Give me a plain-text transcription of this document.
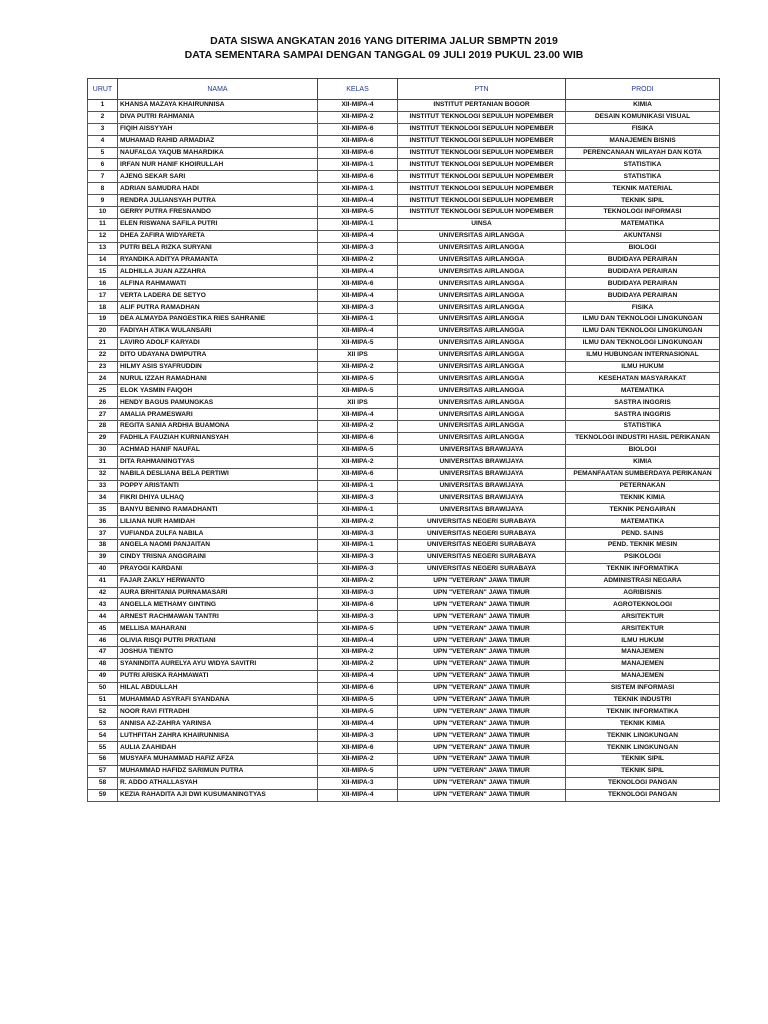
DATA SISWA ANGKATAN 2016 YANG DITERIMA JALUR SBMPTN 2019
DATA SEMENTARA SAMPAI DENGAN TANGGAL 09 JULI 2019 PUKUL 23.00 WIB
URUT	NAMA	KELAS	PTN	PRODI
1	KHANSA MAZAYA KHAIRUNNISA	XII-MIPA-4	INSTITUT PERTANIAN BOGOR	KIMIA
2	DIVA PUTRI RAHMANIA	XII-MIPA-2	INSTITUT TEKNOLOGI SEPULUH NOPEMBER	DESAIN KOMUNIKASI VISUAL
3	FIQIH AISSYYAH	XII-MIPA-6	INSTITUT TEKNOLOGI SEPULUH NOPEMBER	FISIKA
4	MUHAMAD RAHID ARMADIAZ	XII-MIPA-6	INSTITUT TEKNOLOGI SEPULUH NOPEMBER	MANAJEMEN BISNIS
5	NAUFALGA YAQUB MAHARDIKA	XII-MIPA-6	INSTITUT TEKNOLOGI SEPULUH NOPEMBER	PERENCANAAN WILAYAH DAN KOTA
6	IRFAN NUR HANIF KHOIRULLAH	XII-MIPA-1	INSTITUT TEKNOLOGI SEPULUH NOPEMBER	STATISTIKA
7	AJENG SEKAR SARI	XII-MIPA-6	INSTITUT TEKNOLOGI SEPULUH NOPEMBER	STATISTIKA
8	ADRIAN SAMUDRA HADI	XII-MIPA-1	INSTITUT TEKNOLOGI SEPULUH NOPEMBER	TEKNIK MATERIAL
9	RENDRA JULIANSYAH PUTRA	XII-MIPA-4	INSTITUT TEKNOLOGI SEPULUH NOPEMBER	TEKNIK SIPIL
10	GERRY PUTRA FRESNANDO	XII-MIPA-5	INSTITUT TEKNOLOGI SEPULUH NOPEMBER	TEKNOLOGI INFORMASI
11	ELEN RISWANA SAFILA PUTRI	XII-MIPA-1	UINSA	MATEMATIKA
12	DHEA ZAFIRA WIDYARETA	XII-MIPA-4	UNIVERSITAS AIRLANGGA	AKUNTANSI
13	PUTRI BELA RIZKA SURYANI	XII-MIPA-3	UNIVERSITAS AIRLANGGA	BIOLOGI
14	RYANDIKA ADITYA PRAMANTA	XII-MIPA-2	UNIVERSITAS AIRLANGGA	BUDIDAYA PERAIRAN
15	ALDHILLA JUAN AZZAHRA	XII-MIPA-4	UNIVERSITAS AIRLANGGA	BUDIDAYA PERAIRAN
16	ALFINA RAHMAWATI	XII-MIPA-6	UNIVERSITAS AIRLANGGA	BUDIDAYA PERAIRAN
17	VERTA LADERA DE SETYO	XII-MIPA-4	UNIVERSITAS AIRLANGGA	BUDIDAYA PERAIRAN
18	ALIF PUTRA RAMADHAN	XII-MIPA-3	UNIVERSITAS AIRLANGGA	FISIKA
19	DEA ALMAYDA PANGESTIKA RIES SAHRANIE	XII-MIPA-1	UNIVERSITAS AIRLANGGA	ILMU DAN TEKNOLOGI LINGKUNGAN
20	FADIYAH ATIKA WULANSARI	XII-MIPA-4	UNIVERSITAS AIRLANGGA	ILMU DAN TEKNOLOGI LINGKUNGAN
21	LAVIRO ADOLF KARYADI	XII-MIPA-5	UNIVERSITAS AIRLANGGA	ILMU DAN TEKNOLOGI LINGKUNGAN
22	DITO UDAYANA DWIPUTRA	XII IPS	UNIVERSITAS AIRLANGGA	ILMU HUBUNGAN INTERNASIONAL
23	HILMY ASIS SYAFRUDDIN	XII-MIPA-2	UNIVERSITAS AIRLANGGA	ILMU HUKUM
24	NURUL IZZAH RAMADHANI	XII-MIPA-5	UNIVERSITAS AIRLANGGA	KESEHATAN MASYARAKAT
25	ELOK YASMIN FAIQOH	XII-MIPA-5	UNIVERSITAS AIRLANGGA	MATEMATIKA
26	HENDY BAGUS PAMUNGKAS	XII IPS	UNIVERSITAS AIRLANGGA	SASTRA INGGRIS
27	AMALIA PRAMESWARI	XII-MIPA-4	UNIVERSITAS AIRLANGGA	SASTRA INGGRIS
28	REGITA SANIA ARDHIA BUAMONA	XII-MIPA-2	UNIVERSITAS AIRLANGGA	STATISTIKA
29	FADHILA FAUZIAH KURNIANSYAH	XII-MIPA-6	UNIVERSITAS AIRLANGGA	TEKNOLOGI INDUSTRI HASIL PERIKANAN
30	ACHMAD HANIF NAUFAL	XII-MIPA-5	UNIVERSITAS BRAWIJAYA	BIOLOGI
31	DITA RAHMANINGTYAS	XII-MIPA-2	UNIVERSITAS BRAWIJAYA	KIMIA
32	NABILA DESLIANA BELA PERTIWI	XII-MIPA-6	UNIVERSITAS BRAWIJAYA	PEMANFAATAN SUMBERDAYA PERIKANAN
33	POPPY ARISTANTI	XII-MIPA-1	UNIVERSITAS BRAWIJAYA	PETERNAKAN
34	FIKRI DHIYA ULHAQ	XII-MIPA-3	UNIVERSITAS BRAWIJAYA	TEKNIK KIMIA
35	BANYU BENING RAMADHANTI	XII-MIPA-1	UNIVERSITAS BRAWIJAYA	TEKNIK PENGAIRAN
36	LILIANA NUR HAMIDAH	XII-MIPA-2	UNIVERSITAS NEGERI SURABAYA	MATEMATIKA
37	VUFIANDA ZULFA NABILA	XII-MIPA-3	UNIVERSITAS NEGERI SURABAYA	PEND. SAINS
38	ANGELA NAOMI PANJAITAN	XII-MIPA-1	UNIVERSITAS NEGERI SURABAYA	PEND. TEKNIK MESIN
39	CINDY TRISNA ANGGRAINI	XII-MIPA-3	UNIVERSITAS NEGERI SURABAYA	PSIKOLOGI
40	PRAYOGI KARDANI	XII-MIPA-3	UNIVERSITAS NEGERI SURABAYA	TEKNIK INFORMATIKA
41	FAJAR ZAKLY HERWANTO	XII-MIPA-2	UPN "VETERAN" JAWA TIMUR	ADMINISTRASI NEGARA
42	AURA BRHITANIA PURNAMASARI	XII-MIPA-3	UPN "VETERAN" JAWA TIMUR	AGRIBISNIS
43	ANGELLA METHAMY GINTING	XII-MIPA-6	UPN "VETERAN" JAWA TIMUR	AGROTEKNOLOGI
44	ARNEST RACHMAWAN TANTRI	XII-MIPA-3	UPN "VETERAN" JAWA TIMUR	ARSITEKTUR
45	MELLISA MAHARANI	XII-MIPA-5	UPN "VETERAN" JAWA TIMUR	ARSITEKTUR
46	OLIVIA RISQI PUTRI PRATIANI	XII-MIPA-4	UPN "VETERAN" JAWA TIMUR	ILMU HUKUM
47	JOSHUA TIENTO	XII-MIPA-2	UPN "VETERAN" JAWA TIMUR	MANAJEMEN
48	SYANINDITA AURELYA AYU WIDYA SAVITRI	XII-MIPA-2	UPN "VETERAN" JAWA TIMUR	MANAJEMEN
49	PUTRI ARISKA RAHMAWATI	XII-MIPA-4	UPN "VETERAN" JAWA TIMUR	MANAJEMEN
50	HILAL ABDULLAH	XII-MIPA-6	UPN "VETERAN" JAWA TIMUR	SISTEM INFORMASI
51	MUHAMMAD ASYRAFI SYANDANA	XII-MIPA-5	UPN "VETERAN" JAWA TIMUR	TEKNIK INDUSTRI
52	NOOR RAVI FITRADHI	XII-MIPA-5	UPN "VETERAN" JAWA TIMUR	TEKNIK INFORMATIKA
53	ANNISA AZ-ZAHRA YARINSA	XII-MIPA-4	UPN "VETERAN" JAWA TIMUR	TEKNIK KIMIA
54	LUTHFITAH ZAHRA KHAIRUNNISA	XII-MIPA-3	UPN "VETERAN" JAWA TIMUR	TEKNIK LINGKUNGAN
55	AULIA ZAAHIDAH	XII-MIPA-6	UPN "VETERAN" JAWA TIMUR	TEKNIK LINGKUNGAN
56	MUSYAFA MUHAMMAD HAFIZ AFZA	XII-MIPA-2	UPN "VETERAN" JAWA TIMUR	TEKNIK SIPIL
57	MUHAMMAD HAFIDZ SARIMUN PUTRA	XII-MIPA-5	UPN "VETERAN" JAWA TIMUR	TEKNIK SIPIL
58	R. ADDO ATHALLASYAH	XII-MIPA-3	UPN "VETERAN" JAWA TIMUR	TEKNOLOGI PANGAN
59	KEZIA RAHADITA AJI DWI KUSUMANINGTYAS	XII-MIPA-4	UPN "VETERAN" JAWA TIMUR	TEKNOLOGI PANGAN
